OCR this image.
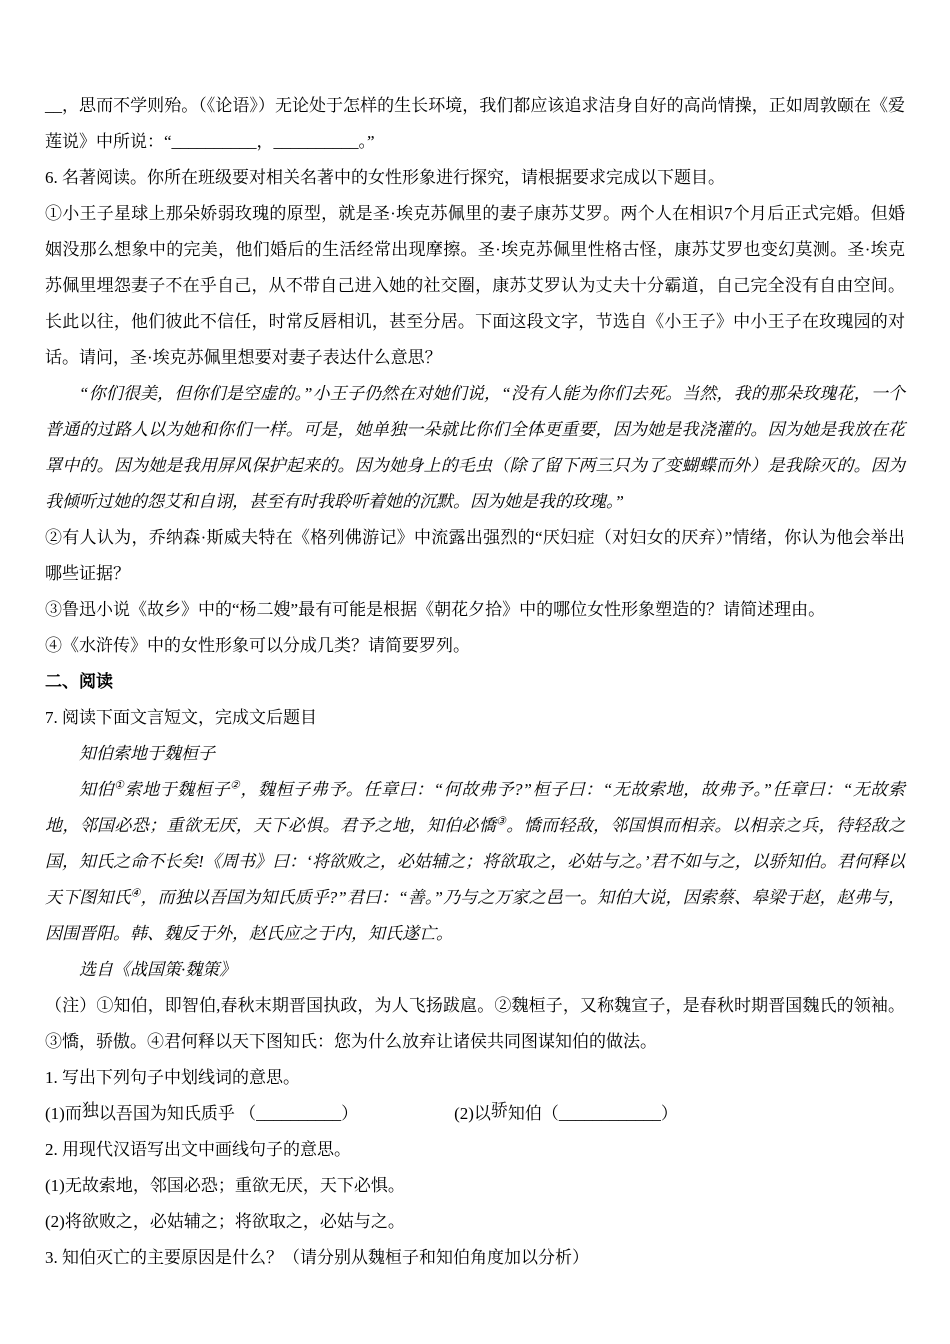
__，思而不学则殆。（《论语》）无论处于怎样的生长环境，我们都应该追求洁身自好的高尚情操，正如周敦颐在《爱莲说》中所说：“__________，__________。”

6. 名著阅读。你所在班级要对相关名著中的女性形象进行探究，请根据要求完成以下题目。

①小王子星球上那朵娇弱玫瑰的原型，就是圣·埃克苏佩里的妻子康苏艾罗。两个人在相识7个月后正式完婚。但婚姻没那么想象中的完美，他们婚后的生活经常出现摩擦。圣·埃克苏佩里性格古怪，康苏艾罗也变幻莫测。圣·埃克苏佩里埋怨妻子不在乎自己，从不带自己进入她的社交圈，康苏艾罗认为丈夫十分霸道，自己完全没有自由空间。长此以往，他们彼此不信任，时常反唇相讥，甚至分居。下面这段文字，节选自《小王子》中小王子在玫瑰园的对话。请问，圣·埃克苏佩里想要对妻子表达什么意思？

“你们很美，但你们是空虚的。”小王子仍然在对她们说，“没有人能为你们去死。当然，我的那朵玫瑰花，一个普通的过路人以为她和你们一样。可是，她单独一朵就比你们全体更重要，因为她是我浇灌的。因为她是我放在花罩中的。因为她是我用屏风保护起来的。因为她身上的毛虫（除了留下两三只为了变蝴蝶而外）是我除灭的。因为我倾听过她的怨艾和自诩，甚至有时我聆听着她的沉默。因为她是我的玫瑰。”

②有人认为，乔纳森·斯威夫特在《格列佛游记》中流露出强烈的“厌妇症（对妇女的厌弃）”情绪，你认为他会举出哪些证据？

③鲁迅小说《故乡》中的“杨二嫂”最有可能是根据《朝花夕拾》中的哪位女性形象塑造的？请简述理由。

④《水浒传》中的女性形象可以分成几类？请简要罗列。

二、阅读

7. 阅读下面文言短文，完成文后题目

知伯索地于魏桓子

知伯①索地于魏桓子②，魏桓子弗予。任章曰：“何故弗予?”桓子曰：“无故索地，故弗予。”任章曰：“无故索地，邻国必恐；重欲无厌，天下必惧。君予之地，知伯必憍③。憍而轻敌，邻国惧而相亲。以相亲之兵，待轻敌之国，知氏之命不长矣!《周书》曰：‘将欲败之，必姑辅之；将欲取之，必姑与之。’君不如与之，以骄知伯。君何释以天下图知氏④，而独以吾国为知氏质乎?”君曰：“善。”乃与之万家之邑一。知伯大说，因索蔡、皋梁于赵，赵弗与，因围晋阳。韩、魏反于外，赵氏应之于内，知氏遂亡。

选自《战国策·魏策》

（注）①知伯，即智伯,春秋末期晋国执政，为人飞扬跋扈。②魏桓子，又称魏宣子，是春秋时期晋国魏氏的领袖。③憍，骄傲。④君何释以天下图知氏：您为什么放弃让诸侯共同图谋知伯的做法。

1. 写出下列句子中划线词的意思。

(1)而独以吾国为知氏质乎 （__________）	(2)以骄知伯（____________）

2. 用现代汉语写出文中画线句子的意思。

(1)无故索地，邻国必恐；重欲无厌，天下必惧。

(2)将欲败之，必姑辅之；将欲取之，必姑与之。

3. 知伯灭亡的主要原因是什么？（请分别从魏桓子和知伯角度加以分析）
